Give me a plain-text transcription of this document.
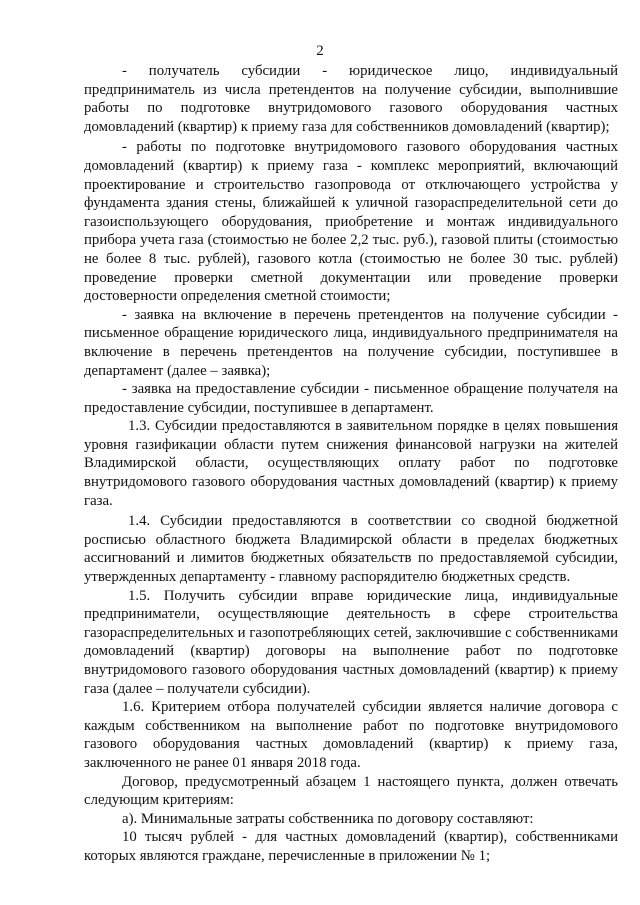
2

- получатель субсидии - юридическое лицо, индивидуальный предприниматель из числа претендентов на получение субсидии, выполнившие работы по подготовке внутридомового газового оборудования частных домовладений (квартир) к приему газа для собственников домовладений (квартир);

- работы по подготовке внутридомового газового оборудования частных домовладений (квартир) к приему газа - комплекс мероприятий, включающий проектирование и строительство газопровода от отключающего устройства у фундамента здания стены, ближайшей к уличной газораспределительной сети до газоиспользующего оборудования, приобретение и монтаж индивидуального прибора учета газа (стоимостью не более 2,2 тыс. руб.), газовой плиты (стоимостью не более 8 тыс. рублей), газового котла (стоимостью не более 30 тыс. рублей) проведение проверки сметной документации или проведение проверки достоверности определения сметной стоимости;

- заявка на включение в перечень претендентов на получение субсидии - письменное обращение юридического лица, индивидуального предпринимателя на включение в перечень претендентов на получение субсидии, поступившее в департамент (далее – заявка);

- заявка на предоставление субсидии - письменное обращение получателя на предоставление субсидии, поступившее в департамент.

1.3. Субсидии предоставляются в заявительном порядке в целях повышения уровня газификации области путем снижения финансовой нагрузки на жителей Владимирской области, осуществляющих оплату работ по подготовке внутридомового газового оборудования частных домовладений (квартир) к приему газа.

1.4. Субсидии предоставляются в соответствии со сводной бюджетной росписью областного бюджета Владимирской области в пределах бюджетных ассигнований и лимитов бюджетных обязательств по предоставляемой субсидии, утвержденных департаменту - главному распорядителю бюджетных средств.

1.5. Получить субсидии вправе юридические лица, индивидуальные предприниматели, осуществляющие деятельность в сфере строительства газораспределительных и газопотребляющих сетей, заключившие с собственниками домовладений (квартир) договоры на выполнение работ по подготовке внутридомового газового оборудования частных домовладений (квартир) к приему газа (далее – получатели субсидии).

1.6. Критерием отбора получателей субсидии является наличие договора с каждым собственником на выполнение работ по подготовке внутридомового газового оборудования частных домовладений (квартир) к приему газа, заключенного не ранее 01 января 2018 года.

Договор, предусмотренный абзацем 1 настоящего пункта, должен отвечать следующим критериям:

а). Минимальные затраты собственника по договору составляют:

10 тысяч рублей - для частных домовладений (квартир), собственниками которых являются граждане, перечисленные в приложении № 1;
